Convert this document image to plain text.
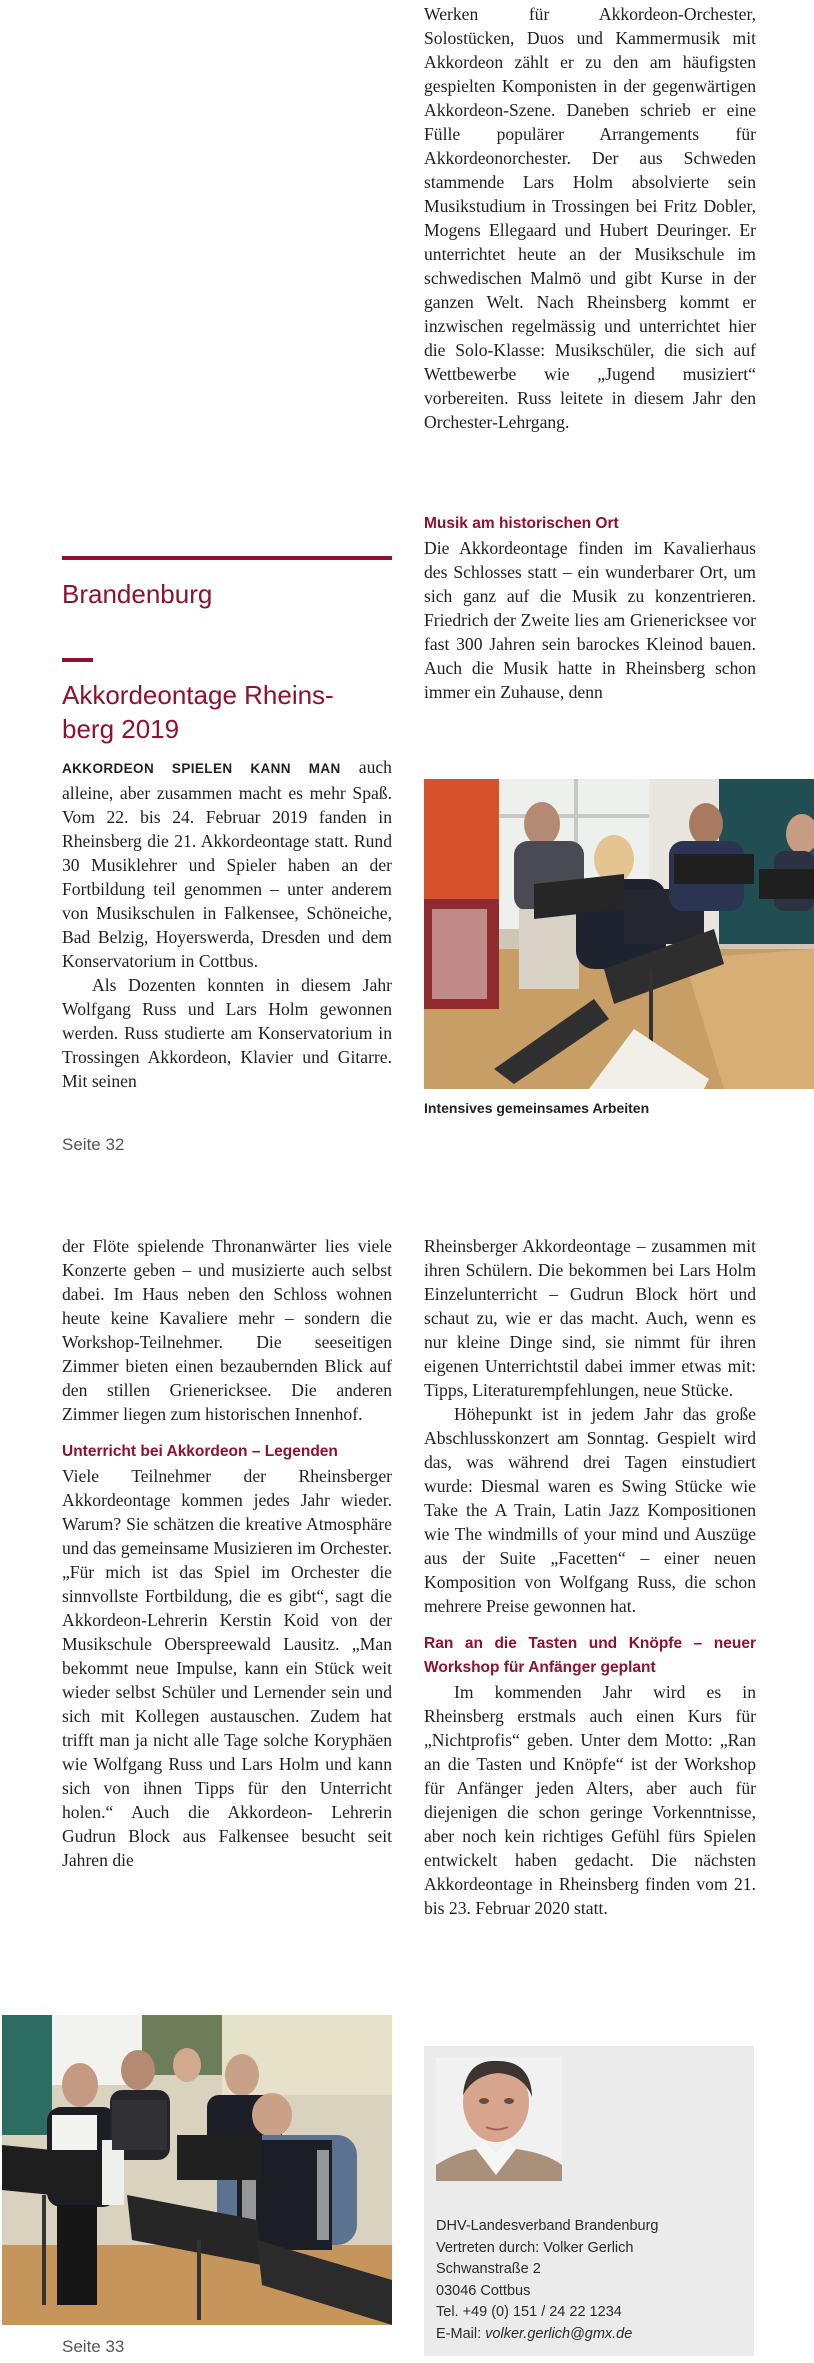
Werken für Akkordeon-Orchester, Solostücken, Duos und Kammermusik mit Akkordeon zählt er zu den am häufigsten gespielten Komponisten in der gegenwärtigen Akkordeon-Szene. Daneben schrieb er eine Fülle populärer Arrangements für Akkordeonorchester. Der aus Schweden stammende Lars Holm absolvierte sein Musikstudium in Trossingen bei Fritz Dobler, Mogens Ellegaard und Hubert Deuringer. Er unterrichtet heute an der Musikschule im schwedischen Malmö und gibt Kurse in der ganzen Welt. Nach Rheinsberg kommt er inzwischen regelmässig und unterrichtet hier die Solo-Klasse: Musikschüler, die sich auf Wettbewerbe wie „Jugend musiziert“ vorbereiten. Russ leitete in diesem Jahr den Orchester-Lehrgang.

Musik am historischen Ort

Die Akkordeontage finden im Kavalierhaus des Schlosses statt – ein wunderbarer Ort, um sich ganz auf die Musik zu konzentrieren. Friedrich der Zweite lies am Grienericksee vor fast 300 Jahren sein barockes Kleinod bauen. Auch die Musik hatte in Rheinsberg schon immer ein Zuhause, denn

Intensives gemeinsames Arbeiten
Brandenburg
Akkordeontage Rheins-
berg 2019

AKKORDEON SPIELEN KANN MAN auch alleine, aber zusammen macht es mehr Spaß. Vom 22. bis 24. Februar 2019 fanden in Rheinsberg die 21. Akkordeontage statt. Rund 30 Musiklehrer und Spieler haben an der Fortbildung teil genommen – unter anderem von Musikschulen in Falkensee, Schöneiche, Bad Belzig, Hoyerswerda, Dresden und dem Konservatorium in Cottbus.

Als Dozenten konnten in diesem Jahr Wolfgang Russ und Lars Holm gewonnen werden. Russ studierte am Konservatorium in Trossingen Akkordeon, Klavier und Gitarre. Mit seinen

Seite 32

der Flöte spielende Thronanwärter lies viele Konzerte geben – und musizierte auch selbst dabei. Im Haus neben den Schloss wohnen heute keine Kavaliere mehr – sondern die Workshop-Teilnehmer. Die seeseitigen Zimmer bieten einen bezaubernden Blick auf den stillen Grienericksee. Die anderen Zimmer liegen zum historischen Innenhof.

Unterricht bei Akkordeon – Legenden

Viele Teilnehmer der Rheinsberger Akkordeontage kommen jedes Jahr wieder. Warum? Sie schätzen die kreative Atmosphäre und das gemeinsame Musizieren im Orchester. „Für mich ist das Spiel im Orchester die sinnvollste Fortbildung, die es gibt“, sagt die Akkordeon-Lehrerin Kerstin Koid von der Musikschule Oberspreewald Lausitz. „Man bekommt neue Impulse, kann ein Stück weit wieder selbst Schüler und Lernender sein und sich mit Kollegen austauschen. Zudem hat trifft man ja nicht alle Tage solche Koryphäen wie Wolfgang Russ und Lars Holm und kann sich von ihnen Tipps für den Unterricht holen.“ Auch die Akkordeon- Lehrerin Gudrun Block aus Falkensee besucht seit Jahren die

Seite 33

Rheinsberger Akkordeontage – zusammen mit ihren Schülern. Die bekommen bei Lars Holm Einzelunterricht – Gudrun Block hört und schaut zu, wie er das macht. Auch, wenn es nur kleine Dinge sind, sie nimmt für ihren eigenen Unterrichtstil dabei immer etwas mit: Tipps, Literaturempfehlungen, neue Stücke.

Höhepunkt ist in jedem Jahr das große Abschlusskonzert am Sonntag. Gespielt wird das, was während drei Tagen einstudiert wurde: Diesmal waren es Swing Stücke wie Take the A Train, Latin Jazz Kompositionen wie The windmills of your mind und Auszüge aus der Suite „Facetten“ – einer neuen Komposition von Wolfgang Russ, die schon mehrere Preise gewonnen hat.

Ran an die Tasten und Knöpfe – neuer Workshop für Anfänger geplant

Im kommenden Jahr wird es in Rheinsberg erstmals auch einen Kurs für „Nichtprofis“ geben. Unter dem Motto: „Ran an die Tasten und Knöpfe“ ist der Workshop für Anfänger jeden Alters, aber auch für diejenigen die schon geringe Vorkenntnisse, aber noch kein richtiges Gefühl fürs Spielen entwickelt haben gedacht. Die nächsten Akkordeontage in Rheinsberg finden vom 21. bis 23. Februar 2020 statt.

DHV-Landesverband Brandenburg
Vertreten durch: Volker Gerlich
Schwanstraße 2
03046 Cottbus
Tel. +49 (0) 151 / 24 22 1234
E-Mail: volker.gerlich@gmx.de
